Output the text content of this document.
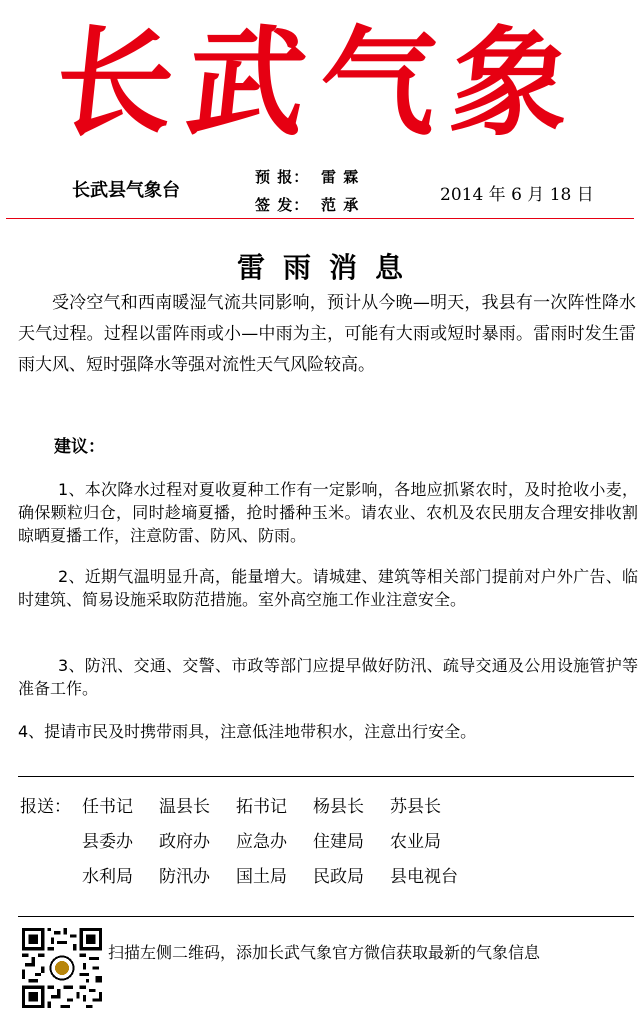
长武气象
长武县气象台
预 报： 雷 霖
签 发： 范 承	2014 年 6 月 18 日
雷雨消息

受冷空气和西南暖湿气流共同影响，预计从今晚—明天，我县有一次阵性降水天气过程。过程以雷阵雨或小—中雨为主，可能有大雨或短时暴雨。雷雨时发生雷雨大风、短时强降水等强对流性天气风险较高。

建议：

1、本次降水过程对夏收夏种工作有一定影响，各地应抓紧农时，及时抢收小麦，确保颗粒归仓，同时趁墒夏播，抢时播种玉米。请农业、农机及农民朋友合理安排收割晾晒夏播工作，注意防雷、防风、防雨。

2、近期气温明显升高，能量增大。请城建、建筑等相关部门提前对户外广告、临时建筑、简易设施采取防范措施。室外高空施工作业注意安全。

3、防汛、交通、交警、市政等部门应提早做好防汛、疏导交通及公用设施管护等准备工作。

4、提请市民及时携带雨具，注意低洼地带积水，注意出行安全。

报送： 任书记 温县长 拓书记 杨县长 苏县长
县委办 政府办 应急办 住建局 农业局
水利局 防汛办 国土局 民政局 县电视台
扫描左侧二维码，添加长武气象官方微信获取最新的气象信息
